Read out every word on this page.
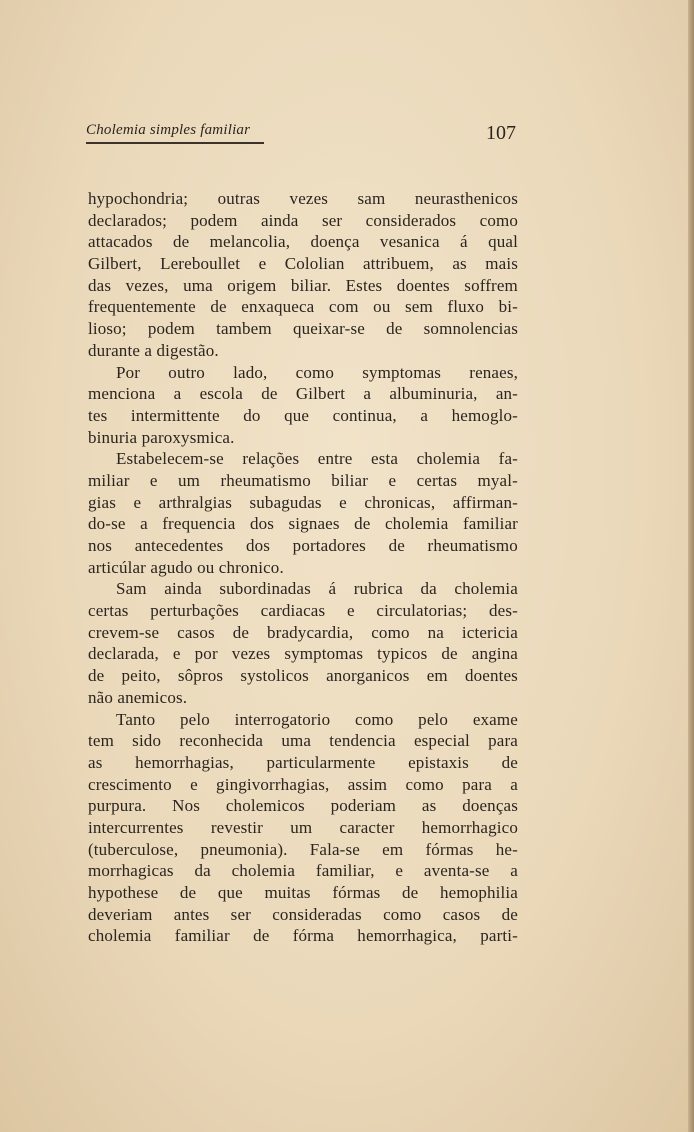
Cholemia simples familiar	107
hypochondria; outras vezes sam neurasthenicos
declarados; podem ainda ser considerados como
attacados de melancolia, doença vesanica á qual
Gilbert, Lereboullet e Cololian attribuem, as mais
das vezes, uma origem biliar. Estes doentes soffrem
frequentemente de enxaqueca com ou sem fluxo bi-
lioso; podem tambem queixar-se de somnolencias
durante a digestão.
Por outro lado, como symptomas renaes,
menciona a escola de Gilbert a albuminuria, an-
tes intermittente do que continua, a hemoglo-
binuria paroxysmica.
Estabelecem-se relações entre esta cholemia fa-
miliar e um rheumatismo biliar e certas myal-
gias e arthralgias subagudas e chronicas, affirman-
do-se a frequencia dos signaes de cholemia familiar
nos antecedentes dos portadores de rheumatismo
articúlar agudo ou chronico.
Sam ainda subordinadas á rubrica da cholemia
certas perturbações cardiacas e circulatorias; des-
crevem-se casos de bradycardia, como na ictericia
declarada, e por vezes symptomas typicos de angina
de peito, sôpros systolicos anorganicos em doentes
não anemicos.
Tanto pelo interrogatorio como pelo exame
tem sido reconhecida uma tendencia especial para
as hemorrhagias, particularmente epistaxis de
crescimento e gingivorrhagias, assim como para a
purpura. Nos cholemicos poderiam as doenças
intercurrentes revestir um caracter hemorrhagico
(tuberculose, pneumonia). Fala-se em fórmas he-
morrhagicas da cholemia familiar, e aventa-se a
hypothese de que muitas fórmas de hemophilia
deveriam antes ser consideradas como casos de
cholemia familiar de fórma hemorrhagica, parti-
